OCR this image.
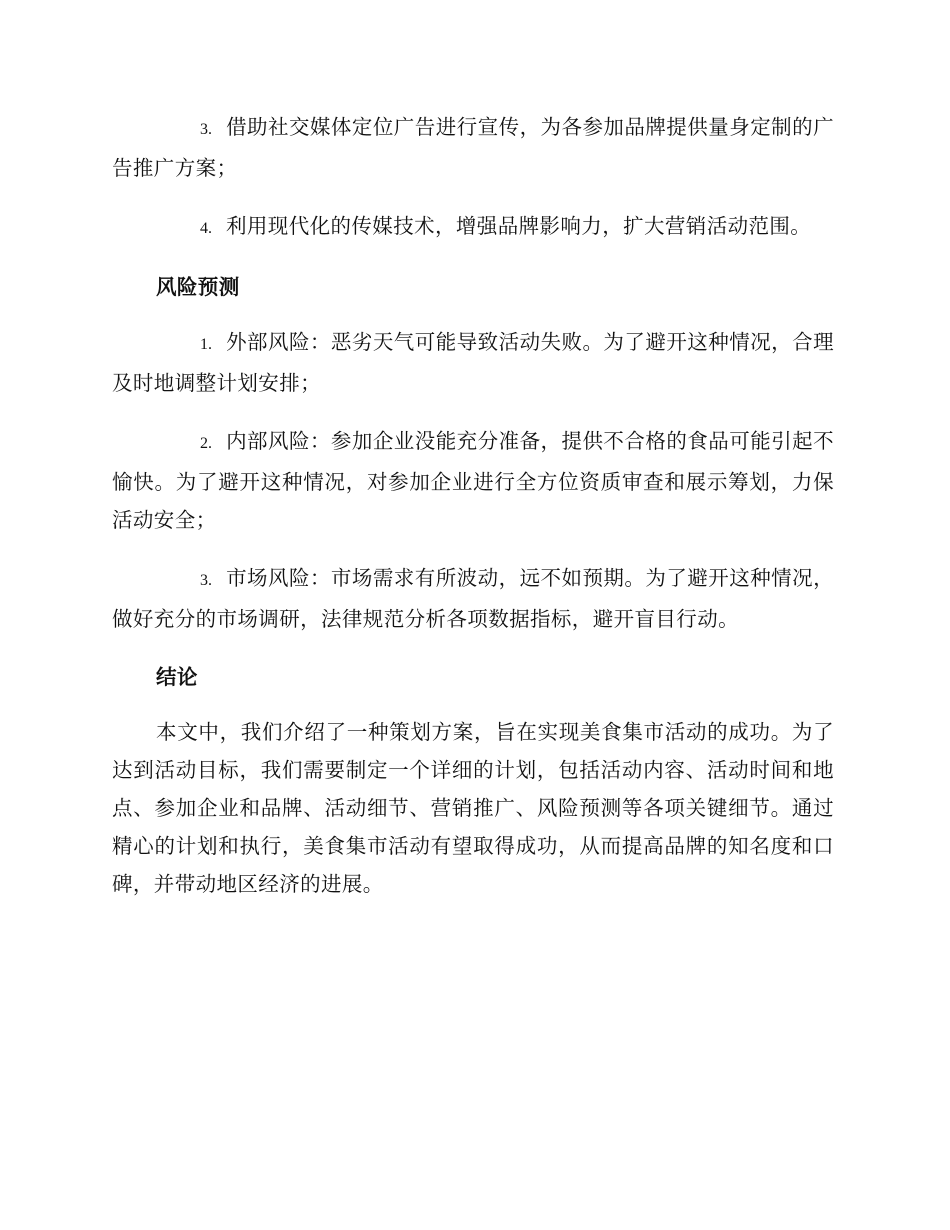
3. 借助社交媒体定位广告进行宣传，为各参加品牌提供量身定制的广告推广方案；

4. 利用现代化的传媒技术，增强品牌影响力，扩大营销活动范围。

风险预测

1. 外部风险：恶劣天气可能导致活动失败。为了避开这种情况，合理及时地调整计划安排；

2. 内部风险：参加企业没能充分准备，提供不合格的食品可能引起不愉快。为了避开这种情况，对参加企业进行全方位资质审查和展示筹划，力保活动安全；

3. 市场风险：市场需求有所波动，远不如预期。为了避开这种情况，做好充分的市场调研，法律规范分析各项数据指标，避开盲目行动。

结论

本文中，我们介绍了一种策划方案，旨在实现美食集市活动的成功。为了达到活动目标，我们需要制定一个详细的计划，包括活动内容、活动时间和地点、参加企业和品牌、活动细节、营销推广、风险预测等各项关键细节。通过精心的计划和执行，美食集市活动有望取得成功，从而提高品牌的知名度和口碑，并带动地区经济的进展。
